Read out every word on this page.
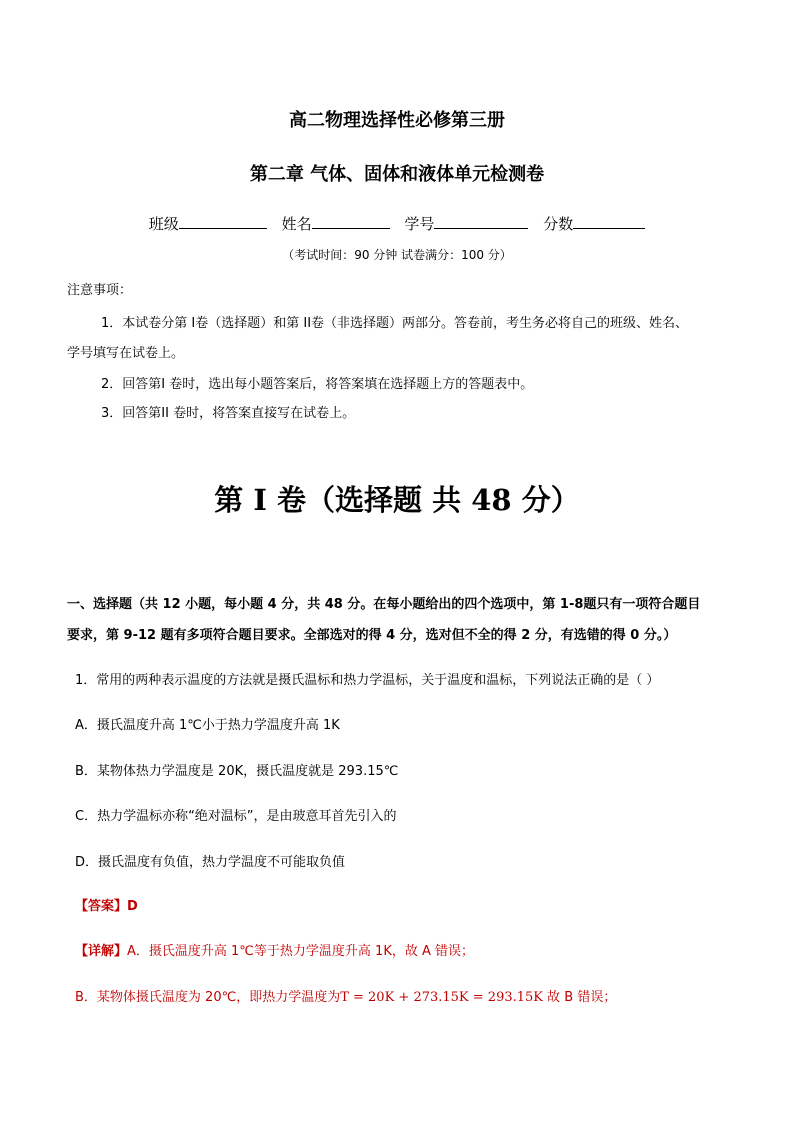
高二物理选择性必修第三册
第二章 气体、固体和液体单元检测卷
班级	姓名	学号	分数
（考试时间：90 分钟 试卷满分：100 分）
注意事项：
1．本试卷分第 I卷（选择题）和第 II卷（非选择题）两部分。答卷前，考生务必将自己的班级、姓名、
学号填写在试卷上。
2．回答第I 卷时，选出每小题答案后，将答案填在选择题上方的答题表中。
3．回答第II 卷时，将答案直接写在试卷上。
第 I 卷（选择题 共 48 分）
一、选择题（共 12 小题，每小题 4 分，共 48 分。在每小题给出的四个选项中，第 1-8题只有一项符合题目
要求，第 9-12 题有多项符合题目要求。全部选对的得 4 分，选对但不全的得 2 分，有选错的得 0 分。）
1．常用的两种表示温度的方法就是摄氏温标和热力学温标，关于温度和温标，下列说法正确的是（ ）
A．摄氏温度升高 1℃小于热力学温度升高 1K
B．某物体热力学温度是 20K，摄氏温度就是 293.15℃
C．热力学温标亦称“绝对温标”，是由玻意耳首先引入的
D．摄氏温度有负值，热力学温度不可能取负值
【答案】D
【详解】A．摄氏温度升高 1℃等于热力学温度升高 1K，故 A 错误；
B．某物体摄氏温度为 20℃，即热力学温度为T = 20K + 273.15K = 293.15K 故 B 错误；
